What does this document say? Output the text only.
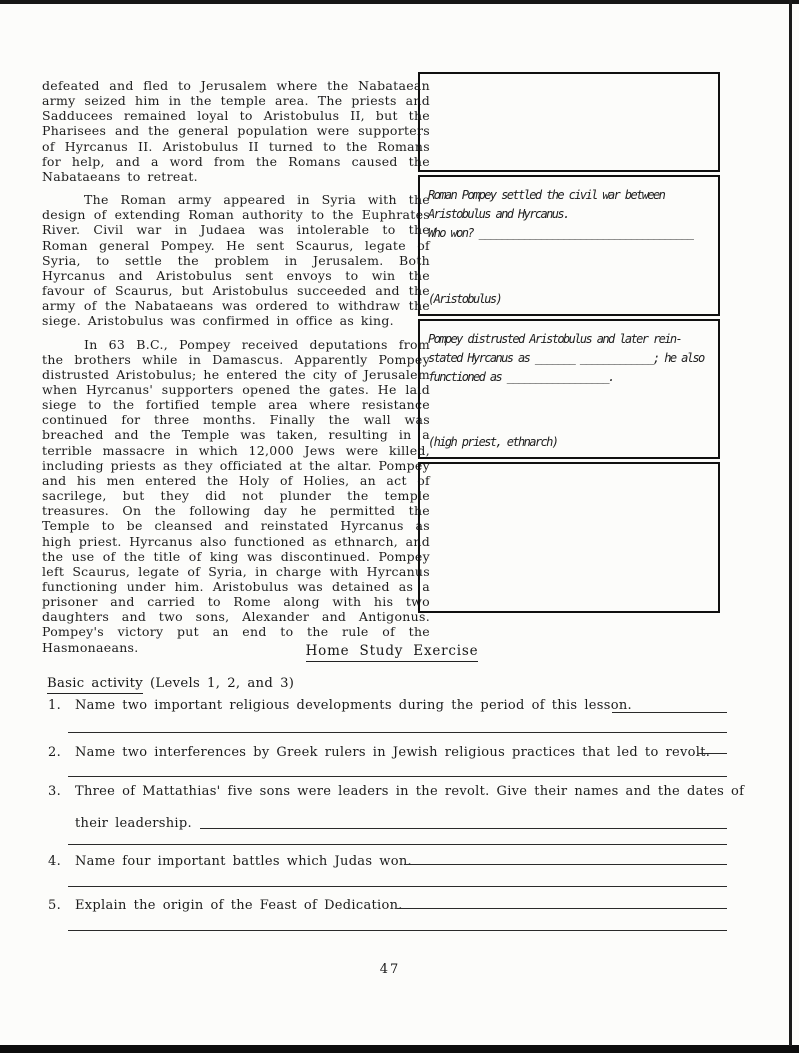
defeated and fled to Jerusalem where the Nabataean army seized him in the temple area. The priests and Sadducees remained loyal to Aristobulus II, but the Pharisees and the general population were supporters of Hyrcanus II. Aristobulus II turned to the Romans for help, and a word from the Romans caused the Nabataeans to retreat.

The Roman army appeared in Syria with the design of extending Roman authority to the Euphrates River. Civil war in Judaea was intolerable to the Roman general Pompey. He sent Scaurus, legate of Syria, to settle the problem in Jerusalem. Both Hyrcanus and Aristobulus sent envoys to win the favour of Scaurus, but Aristobulus succeeded and the army of the Nabataeans was ordered to withdraw the siege. Aristobulus was confirmed in office as king.

In 63 B.C., Pompey received deputations from the brothers while in Damascus. Apparently Pompey distrusted Aristobulus; he entered the city of Jerusalem when Hyrcanus' supporters opened the gates. He laid siege to the fortified temple area where resistance continued for three months. Finally the wall was breached and the Temple was taken, resulting in a terrible massacre in which 12,000 Jews were killed, including priests as they officiated at the altar. Pompey and his men entered the Holy of Holies, an act of sacrilege, but they did not plunder the temple treasures. On the following day he permitted the Temple to be cleansed and reinstated Hyrcanus as high priest. Hyrcanus also functioned as ethnarch, and the use of the title of king was discontinued. Pompey left Scaurus, legate of Syria, in charge with Hyrcanus functioning under him. Aristobulus was detained as a prisoner and carried to Rome along with his two daughters and two sons, Alexander and Antigonus. Pompey's victory put an end to the rule of the Hasmonaeans.

Roman Pompey settled the civil war between
Aristobulus and Hyrcanus.
Who won? ______________________________________
(Aristobulus)
Pompey distrusted Aristobulus and later rein-
stated Hyrcanus as _______ _____________; he also
functioned as __________________.
(high priest, ethnarch)
Home Study Exercise
Basic activity (Levels 1, 2, and 3)
1. Name two important religious developments during the period of this lesson.
2. Name two interferences by Greek rulers in Jewish religious practices that led to revolt.
3. Three of Mattathias' five sons were leaders in the revolt. Give their names and the dates of
their leadership.
4. Name four important battles which Judas won.
5. Explain the origin of the Feast of Dedication.
47
